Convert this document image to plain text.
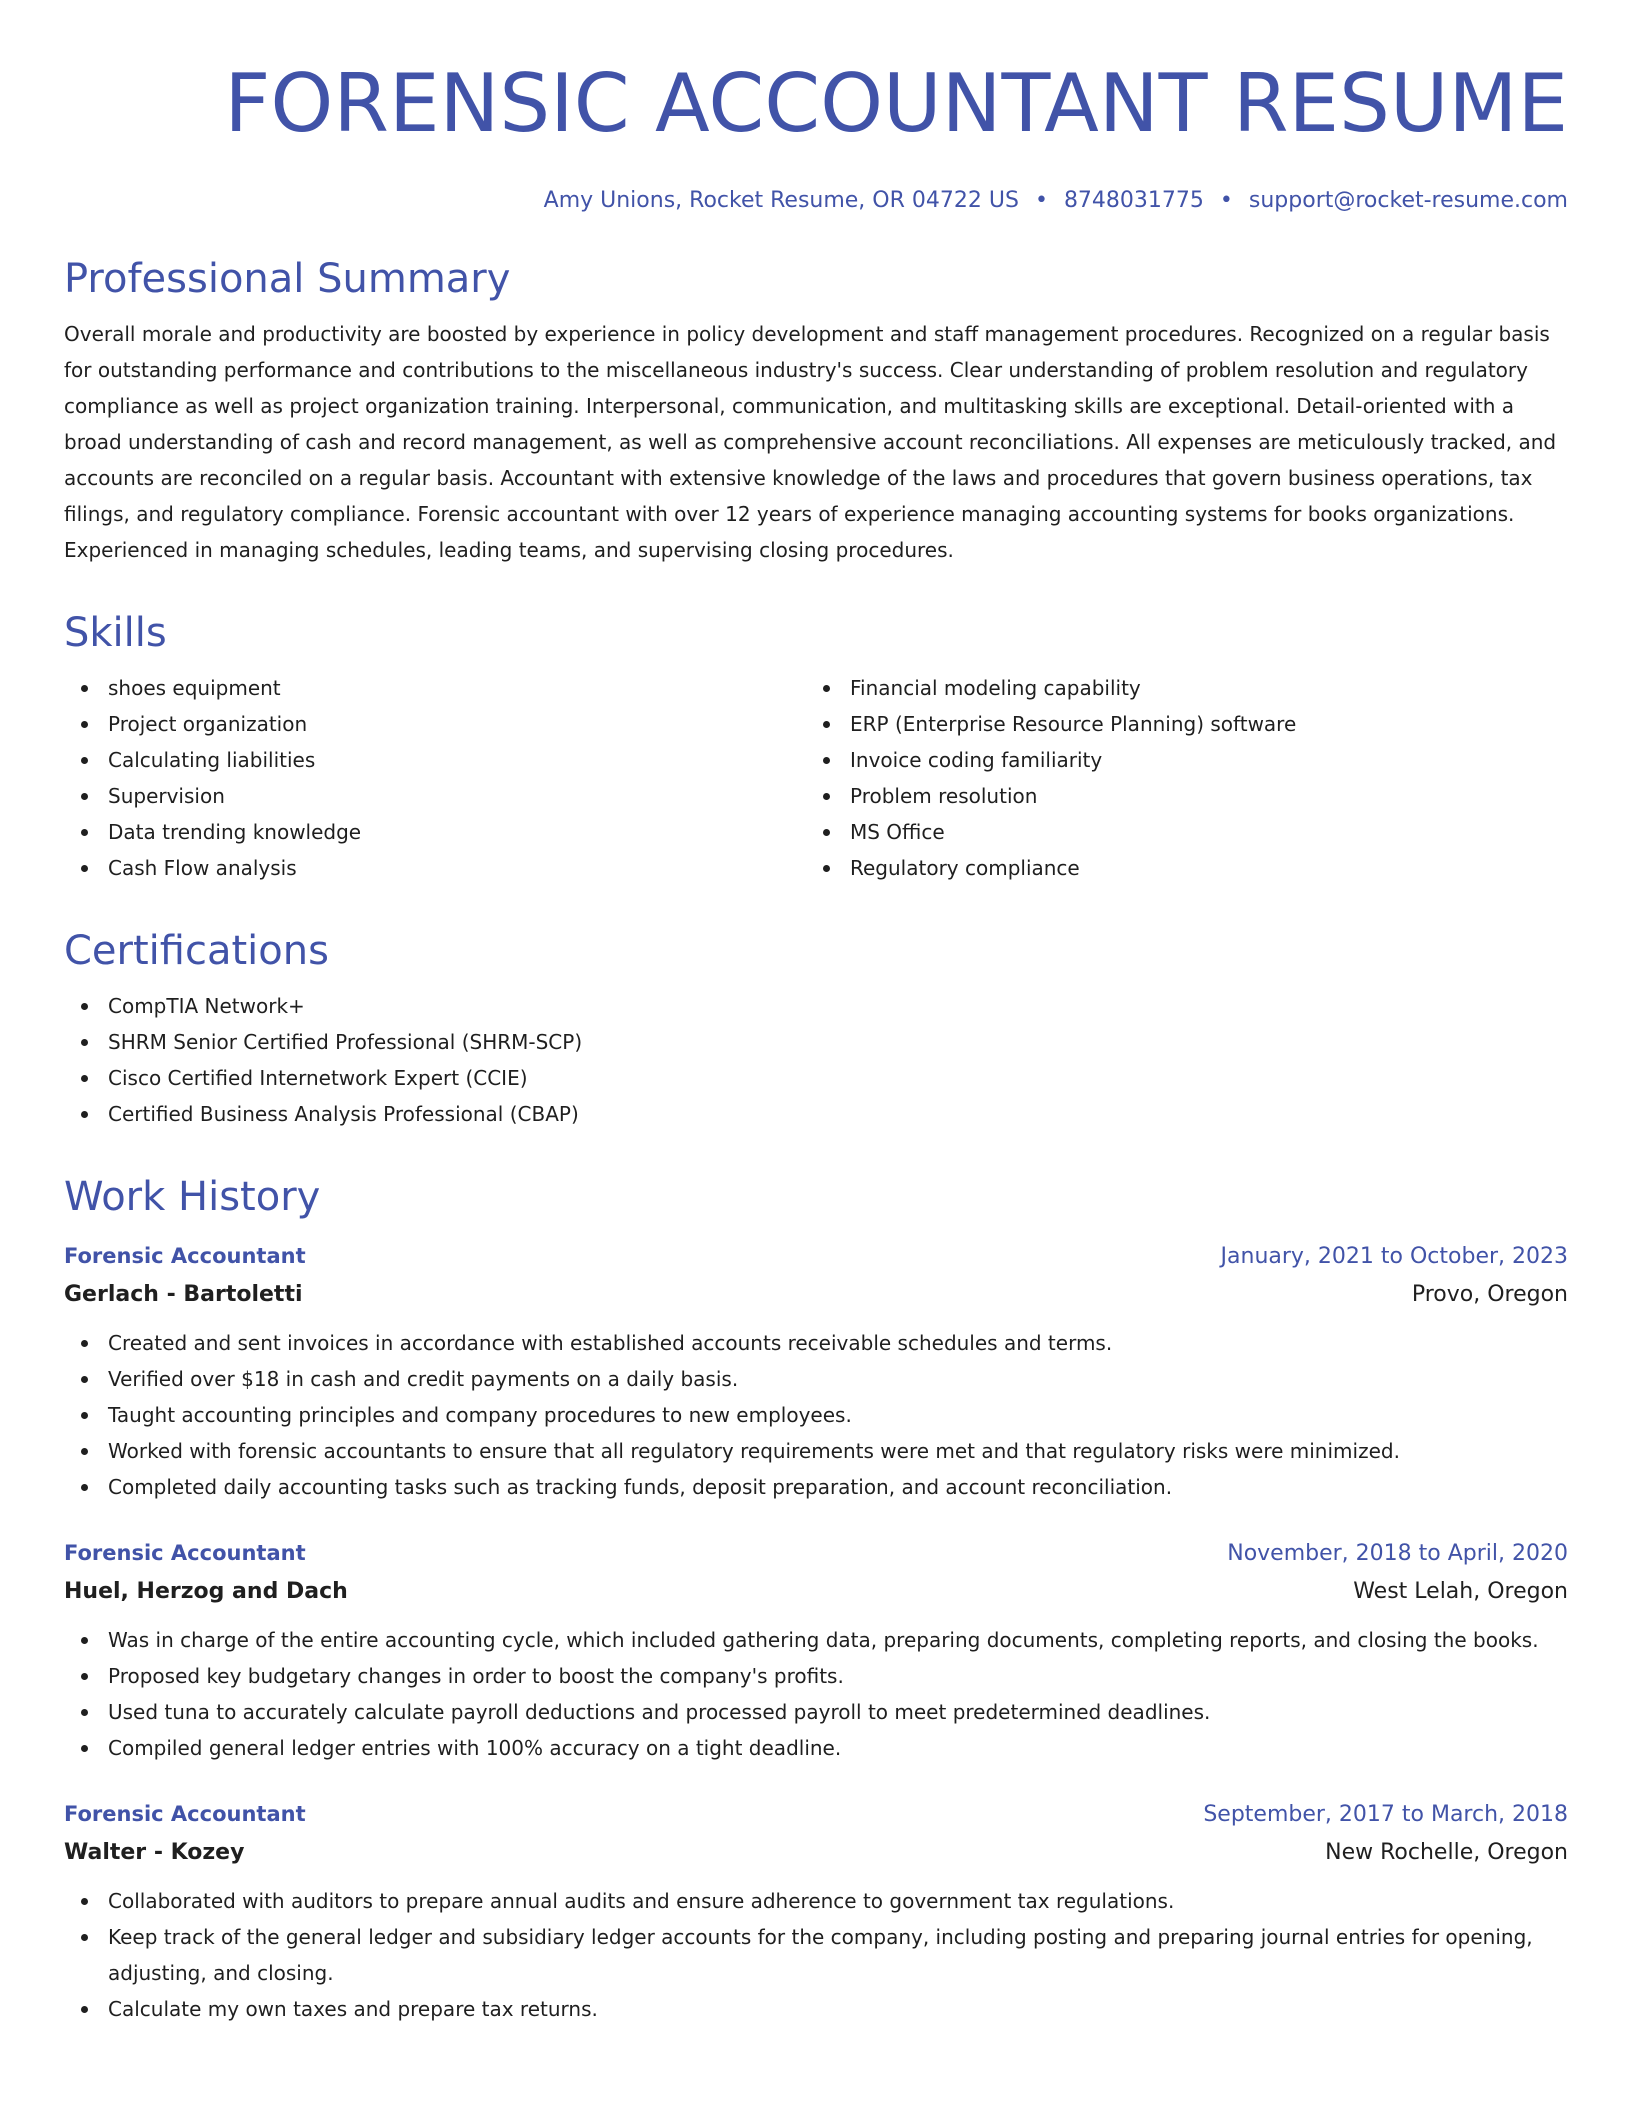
FORENSIC ACCOUNTANT RESUME
Amy Unions, Rocket Resume, OR 04722 US • 8748031775 • support@rocket-resume.com
Professional Summary

Overall morale and productivity are boosted by experience in policy development and staff management procedures. Recognized on a regular basis for outstanding performance and contributions to the miscellaneous industry's success. Clear understanding of problem resolution and regulatory compliance as well as project organization training. Interpersonal, communication, and multitasking skills are exceptional. Detail-oriented with a broad understanding of cash and record management, as well as comprehensive account reconciliations. All expenses are meticulously tracked, and accounts are reconciled on a regular basis. Accountant with extensive knowledge of the laws and procedures that govern business operations, tax filings, and regulatory compliance. Forensic accountant with over 12 years of experience managing accounting systems for books organizations. Experienced in managing schedules, leading teams, and supervising closing procedures.

Skills
shoes equipment
Project organization
Calculating liabilities
Supervision
Data trending knowledge
Cash Flow analysis
Financial modeling capability
ERP (Enterprise Resource Planning) software
Invoice coding familiarity
Problem resolution
MS Office
Regulatory compliance
Certifications
CompTIA Network+
SHRM Senior Certified Professional (SHRM-SCP)
Cisco Certified Internetwork Expert (CCIE)
Certified Business Analysis Professional (CBAP)
Work History
Forensic Accountant	January, 2021 to October, 2023
Gerlach - Bartoletti	Provo, Oregon
Created and sent invoices in accordance with established accounts receivable schedules and terms.
Verified over $18 in cash and credit payments on a daily basis.
Taught accounting principles and company procedures to new employees.
Worked with forensic accountants to ensure that all regulatory requirements were met and that regulatory risks were minimized.
Completed daily accounting tasks such as tracking funds, deposit preparation, and account reconciliation.
Forensic Accountant	November, 2018 to April, 2020
Huel, Herzog and Dach	West Lelah, Oregon
Was in charge of the entire accounting cycle, which included gathering data, preparing documents, completing reports, and closing the books.
Proposed key budgetary changes in order to boost the company's profits.
Used tuna to accurately calculate payroll deductions and processed payroll to meet predetermined deadlines.
Compiled general ledger entries with 100% accuracy on a tight deadline.
Forensic Accountant	September, 2017 to March, 2018
Walter - Kozey	New Rochelle, Oregon
Collaborated with auditors to prepare annual audits and ensure adherence to government tax regulations.
Keep track of the general ledger and subsidiary ledger accounts for the company, including posting and preparing journal entries for opening, adjusting, and closing.
Calculate my own taxes and prepare tax returns.
